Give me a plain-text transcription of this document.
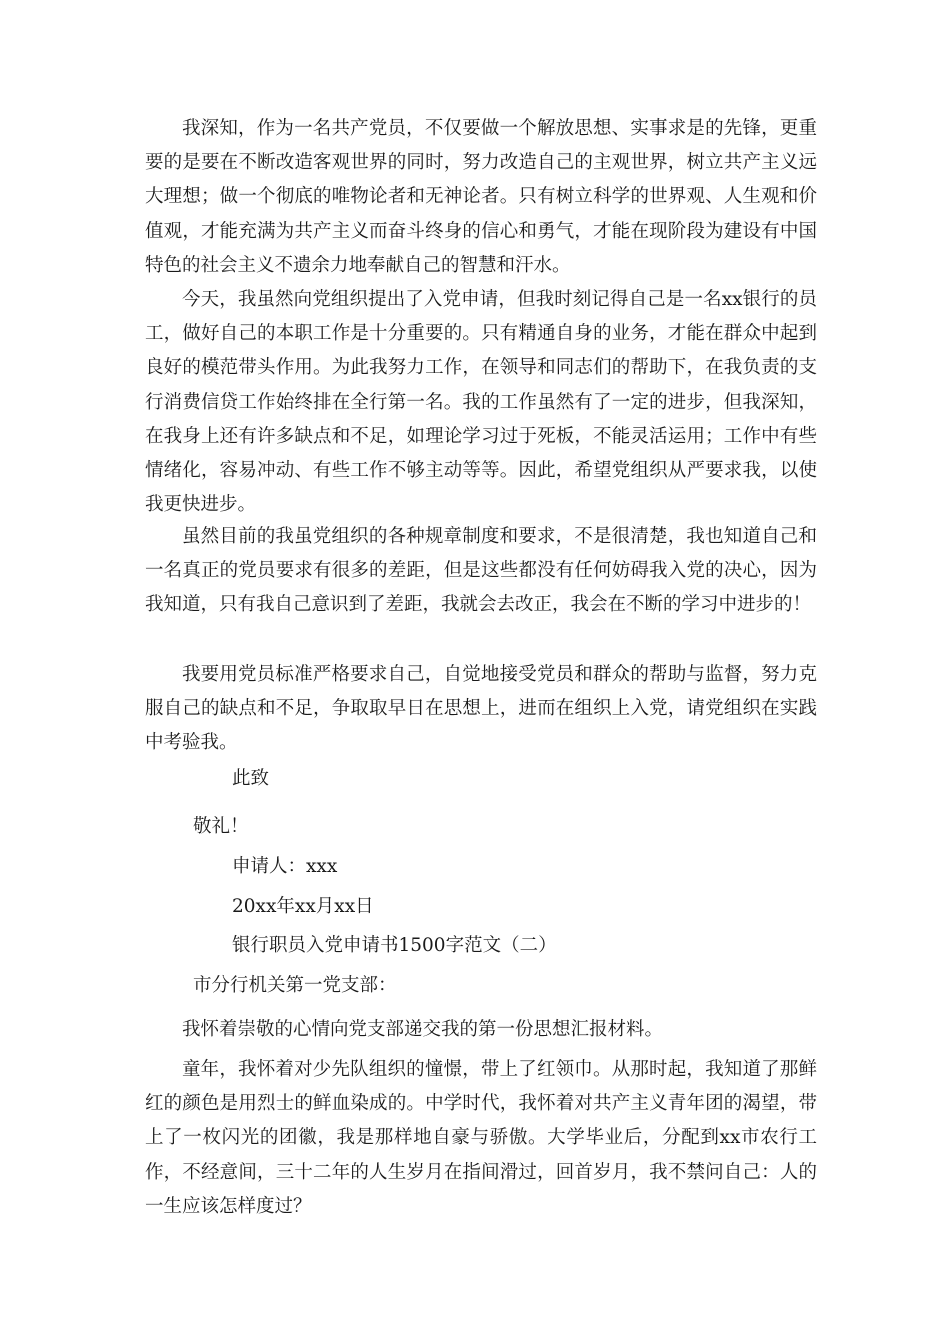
我深知，作为一名共产党员，不仅要做一个解放思想、实事求是的先锋，更重要的是要在不断改造客观世界的同时，努力改造自己的主观世界，树立共产主义远大理想；做一个彻底的唯物论者和无神论者。只有树立科学的世界观、人生观和价值观，才能充满为共产主义而奋斗终身的信心和勇气，才能在现阶段为建设有中国特色的社会主义不遗余力地奉献自己的智慧和汗水。

今天，我虽然向党组织提出了入党申请，但我时刻记得自己是一名xx银行的员工，做好自己的本职工作是十分重要的。只有精通自身的业务，才能在群众中起到良好的模范带头作用。为此我努力工作，在领导和同志们的帮助下，在我负责的支行消费信贷工作始终排在全行第一名。我的工作虽然有了一定的进步，但我深知，在我身上还有许多缺点和不足，如理论学习过于死板，不能灵活运用；工作中有些情绪化，容易冲动、有些工作不够主动等等。因此，希望党组织从严要求我，以使我更快进步。

虽然目前的我虽党组织的各种规章制度和要求，不是很清楚，我也知道自己和一名真正的党员要求有很多的差距，但是这些都没有任何妨碍我入党的决心，因为我知道，只有我自己意识到了差距，我就会去改正，我会在不断的学习中进步的！

我要用党员标准严格要求自己，自觉地接受党员和群众的帮助与监督，努力克服自己的缺点和不足，争取取早日在思想上，进而在组织上入党，请党组织在实践中考验我。

此致

敬礼！

申请人：xxx

20xx年xx月xx日

银行职员入党申请书1500字范文（二）

市分行机关第一党支部：

我怀着崇敬的心情向党支部递交我的第一份思想汇报材料。

童年，我怀着对少先队组织的憧憬，带上了红领巾。从那时起，我知道了那鲜红的颜色是用烈士的鲜血染成的。中学时代，我怀着对共产主义青年团的渴望，带上了一枚闪光的团徽，我是那样地自豪与骄傲。大学毕业后，分配到xx市农行工作，不经意间，三十二年的人生岁月在指间滑过，回首岁月，我不禁问自己：人的一生应该怎样度过？
